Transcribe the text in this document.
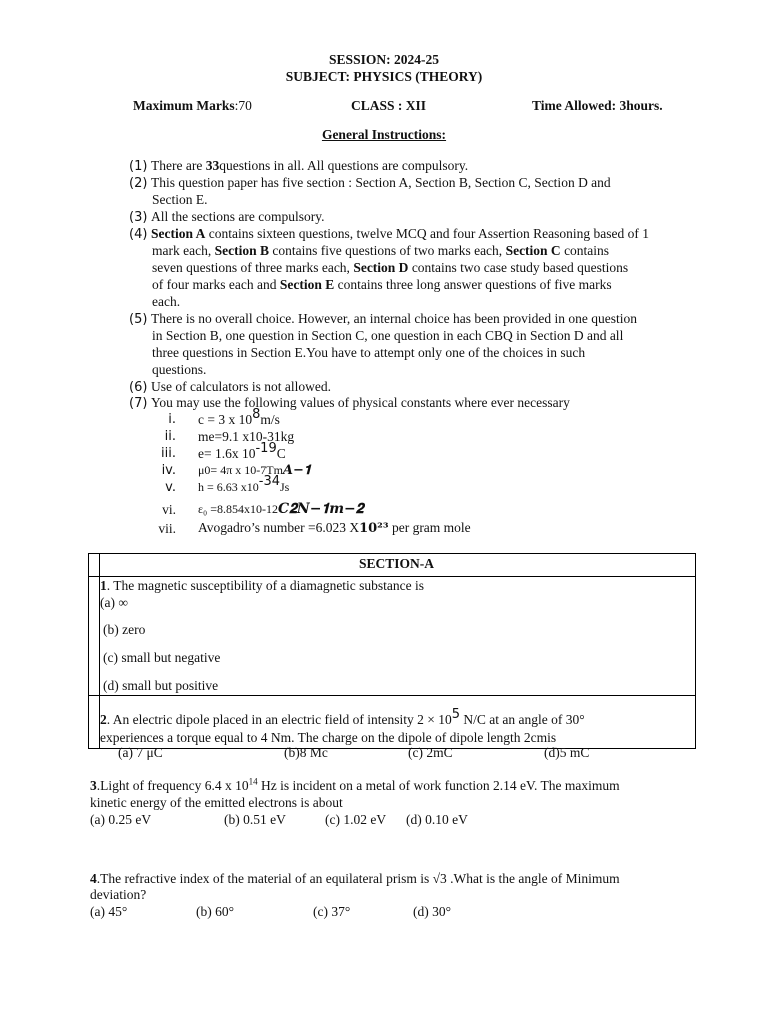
SESSION: 2024-25
SUBJECT: PHYSICS (THEORY)
Maximum Marks:70	CLASS : XII	Time Allowed: 3hours.
General Instructions:
(1) There are 33questions in all. All questions are compulsory.
(2) This question paper has five section : Section A, Section B, Section C, Section D and
Section E.
(3) All the sections are compulsory.
(4) Section A contains sixteen questions, twelve MCQ and four Assertion Reasoning based of 1
mark each, Section B contains five questions of two marks each, Section C contains
seven questions of three marks each, Section D contains two case study based questions
of four marks each and Section E contains three long answer questions of five marks
each.
(5) There is no overall choice. However, an internal choice has been provided in one question
in Section B, one question in Section C, one question in each CBQ in Section D and all
three questions in Section E.You have to attempt only one of the choices in such
questions.
(6) Use of calculators is not allowed.
(7) You may use the following values of physical constants where ever necessary
i. c = 3 x 108m/s
ii. me=9.1 x10-31kg
iii. e= 1.6x 10-19C
iv. μ0= 4π x 10-7Tm𝑨−𝟏
v. h = 6.63 x10-34Js
vi. ε₀ =8.854x10-12𝑪𝟐𝑵−𝟏𝒎−𝟐
vii. Avogadro’s number =6.023 X𝟏𝟎²³ per gram mole
SECTION-A
1. The magnetic susceptibility of a diamagnetic substance is
(a) ∞
(b) zero
(c) small but negative
(d) small but positive
2. An electric dipole placed in an electric field of intensity 2 × 105 N/C at an angle of 30°
experiences a torque equal to 4 Nm. The charge on the dipole of dipole length 2cmis
(a) 7 μC	(b)8 Mc	(c) 2mC	(d)5 mC
3.Light of frequency 6.4 x $10^{14}$ Hz is incident on a metal of work function 2.14 eV. The maximum
kinetic energy of the emitted electrons is about
(a) 0.25 eV	(b) 0.51 eV	(c) 1.02 eV (d) 0.10 eV
4.The refractive index of the material of an equilateral prism is √3 .What is the angle of Minimum
deviation?
(a) 45°	(b) 60°	(c) 37°	(d) 30°
